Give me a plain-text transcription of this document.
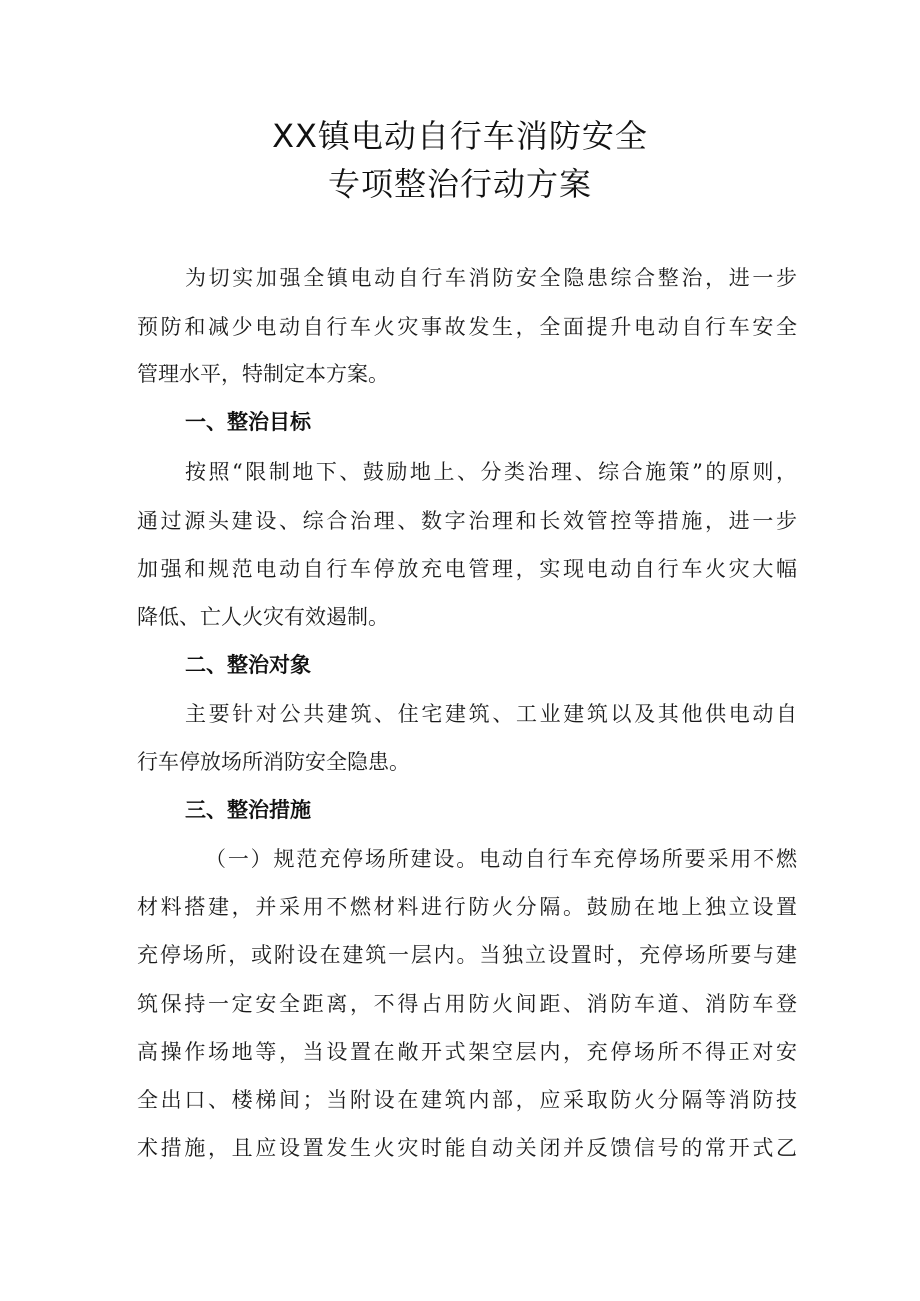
XX镇电动自行车消防安全
专项整治行动方案
为切实加强全镇电动自行车消防安全隐患综合整治，进一步
预防和减少电动自行车火灾事故发生，全面提升电动自行车安全
管理水平，特制定本方案。
一、整治目标
按照“限制地下、鼓励地上、分类治理、综合施策”的原则，
通过源头建设、综合治理、数字治理和长效管控等措施，进一步
加强和规范电动自行车停放充电管理，实现电动自行车火灾大幅
降低、亡人火灾有效遏制。
二、整治对象
主要针对公共建筑、住宅建筑、工业建筑以及其他供电动自
行车停放场所消防安全隐患。
三、整治措施
（一）规范充停场所建设。电动自行车充停场所要采用不燃
材料搭建，并采用不燃材料进行防火分隔。鼓励在地上独立设置
充停场所，或附设在建筑一层内。当独立设置时，充停场所要与建
筑保持一定安全距离，不得占用防火间距、消防车道、消防车登
高操作场地等，当设置在敞开式架空层内，充停场所不得正对安
全出口、楼梯间；当附设在建筑内部，应采取防火分隔等消防技
术措施，且应设置发生火灾时能自动关闭并反馈信号的常开式乙
